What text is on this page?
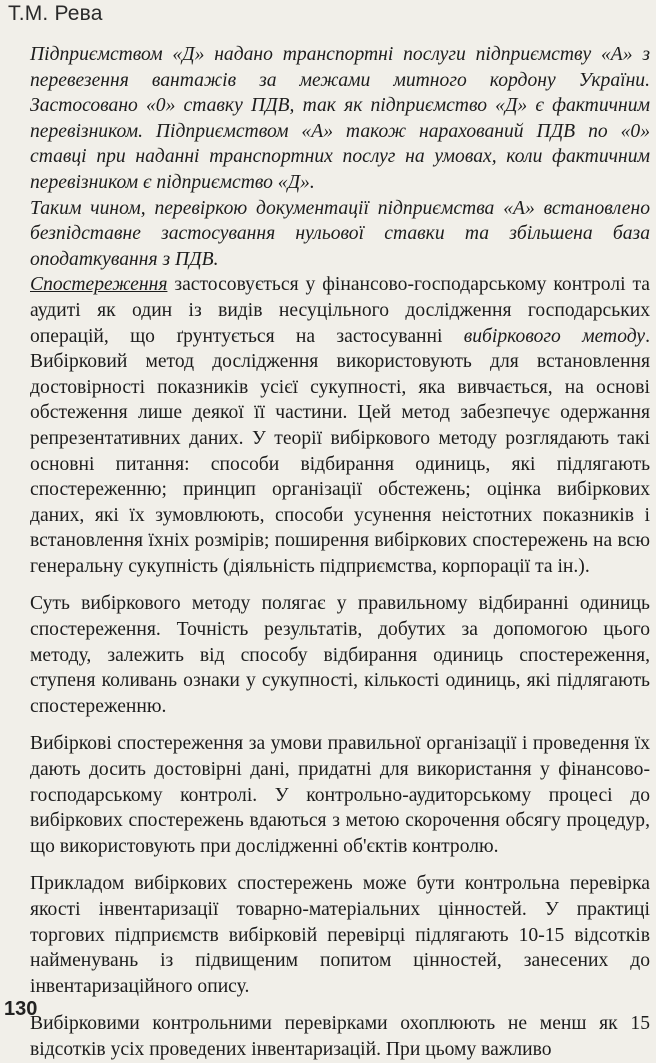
Т.М. Рева

Підприємством «Д» надано транспортні послуги підприємству «А» з перевезення вантажів за межами митного кордону України. Застосовано «0» ставку ПДВ, так як підприємство «Д» є фактичним перевізником. Підприємством «А» також нарахований ПДВ по «0» ставці при наданні транспортних послуг на умовах, коли фактичним перевізником є підприємство «Д».

Таким чином, перевіркою документації підприємства «А» встановлено безпідставне застосування нульової ставки та збільшена база оподаткування з ПДВ.

Спостереження застосовується у фінансово-господарському контролі та аудиті як один із видів несуцільного дослідження господарських операцій, що ґрунтується на застосуванні вибіркового методу. Вибірковий метод дослідження використовують для встановлення достовірності показників усієї сукупності, яка вивчається, на основі обстеження лише деякої її частини. Цей метод забезпечує одержання репрезентативних даних. У теорії вибіркового методу розглядають такі основні питання: способи відбирання одиниць, які підлягають спостереженню; принцип організації обстежень; оцінка вибіркових даних, які їх зумовлюють, способи усунення неістотних показників і встановлення їхніх розмірів; поширення вибіркових спостережень на всю генеральну сукупність (діяльність підприємства, корпорації та ін.).

Суть вибіркового методу полягає у правильному відбиранні одиниць спостереження. Точність результатів, добутих за допомогою цього методу, залежить від способу відбирання одиниць спостереження, ступеня коливань ознаки у сукупності, кількості одиниць, які підлягають спостереженню.

Вибіркові спостереження за умови правильної організації і проведення їх дають досить достовірні дані, придатні для використання у фінансово-господарському контролі. У контрольно-аудиторському процесі до вибіркових спостережень вдаються з метою скорочення обсягу процедур, що використовують при дослідженні об'єктів контролю.

Прикладом вибіркових спостережень може бути контрольна перевірка якості інвентаризації товарно-матеріальних цінностей. У практиці торгових підприємств вибірковій перевірці підлягають 10-15 відсотків найменувань із підвищеним попитом цінностей, занесених до інвентаризаційного опису.

Вибірковими контрольними перевірками охоплюють не менш як 15 відсотків усіх проведених інвентаризацій. При цьому важливо

130
